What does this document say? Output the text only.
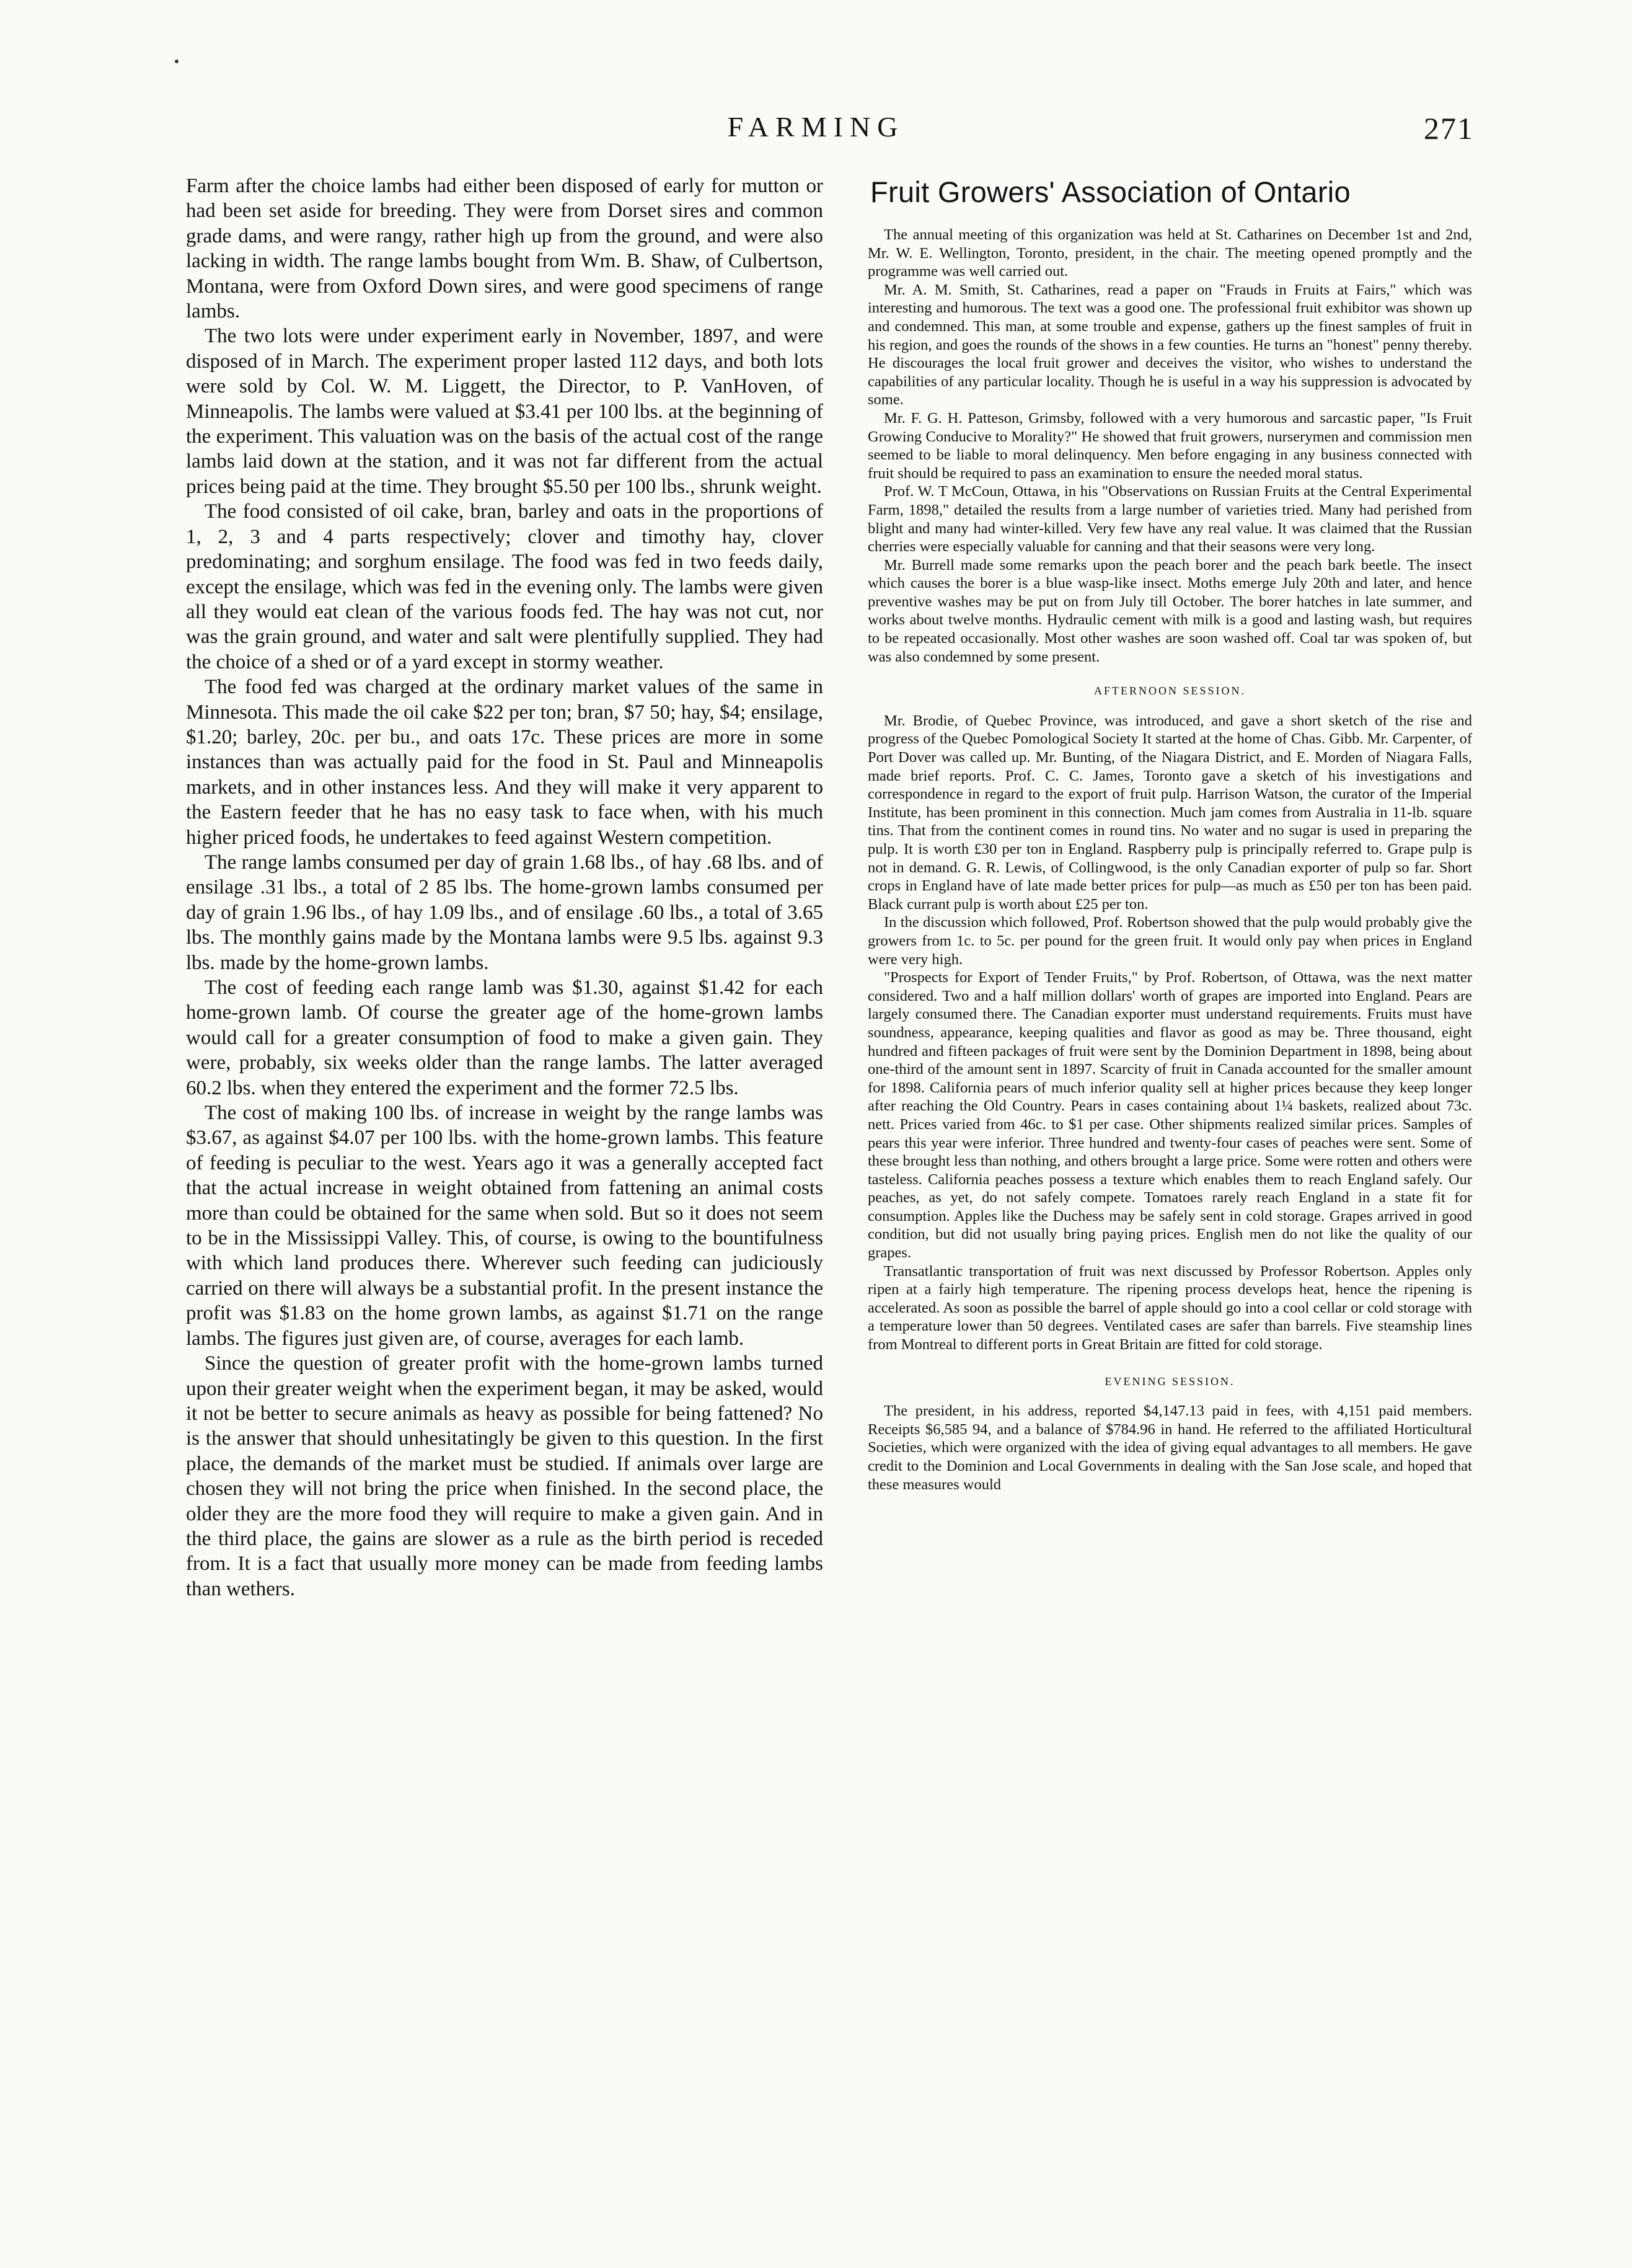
FARMING	271

Farm after the choice lambs had either been disposed of early for mutton or had been set aside for breeding. They were from Dorset sires and common grade dams, and were rangy, rather high up from the ground, and were also lacking in width. The range lambs bought from Wm. B. Shaw, of Culbertson, Montana, were from Oxford Down sires, and were good specimens of range lambs.

The two lots were under experiment early in November, 1897, and were disposed of in March. The experiment proper lasted 112 days, and both lots were sold by Col. W. M. Liggett, the Director, to P. VanHoven, of Minneapolis. The lambs were valued at $3.41 per 100 lbs. at the beginning of the experiment. This valuation was on the basis of the actual cost of the range lambs laid down at the station, and it was not far different from the actual prices being paid at the time. They brought $5.50 per 100 lbs., shrunk weight.

The food consisted of oil cake, bran, barley and oats in the proportions of 1, 2, 3 and 4 parts respectively; clover and timothy hay, clover predominating; and sorghum ensilage. The food was fed in two feeds daily, except the ensilage, which was fed in the evening only. The lambs were given all they would eat clean of the various foods fed. The hay was not cut, nor was the grain ground, and water and salt were plentifully supplied. They had the choice of a shed or of a yard except in stormy weather.

The food fed was charged at the ordinary market values of the same in Minnesota. This made the oil cake $22 per ton; bran, $7 50; hay, $4; ensilage, $1.20; barley, 20c. per bu., and oats 17c. These prices are more in some instances than was actually paid for the food in St. Paul and Minneapolis markets, and in other instances less. And they will make it very apparent to the Eastern feeder that he has no easy task to face when, with his much higher priced foods, he undertakes to feed against Western competition.

The range lambs consumed per day of grain 1.68 lbs., of hay .68 lbs. and of ensilage .31 lbs., a total of 2 85 lbs. The home-grown lambs consumed per day of grain 1.96 lbs., of hay 1.09 lbs., and of ensilage .60 lbs., a total of 3.65 lbs. The monthly gains made by the Montana lambs were 9.5 lbs. against 9.3 lbs. made by the home-grown lambs.

The cost of feeding each range lamb was $1.30, against $1.42 for each home-grown lamb. Of course the greater age of the home-grown lambs would call for a greater consumption of food to make a given gain. They were, probably, six weeks older than the range lambs. The latter averaged 60.2 lbs. when they entered the experiment and the former 72.5 lbs.

The cost of making 100 lbs. of increase in weight by the range lambs was $3.67, as against $4.07 per 100 lbs. with the home-grown lambs. This feature of feeding is peculiar to the west. Years ago it was a generally accepted fact that the actual increase in weight obtained from fattening an animal costs more than could be obtained for the same when sold. But so it does not seem to be in the Mississippi Valley. This, of course, is owing to the bountifulness with which land produces there. Wherever such feeding can judiciously carried on there will always be a substantial profit. In the present instance the profit was $1.83 on the home grown lambs, as against $1.71 on the range lambs. The figures just given are, of course, averages for each lamb.

Since the question of greater profit with the home-grown lambs turned upon their greater weight when the experiment began, it may be asked, would it not be better to secure animals as heavy as possible for being fattened? No is the answer that should unhesitatingly be given to this question. In the first place, the demands of the market must be studied. If animals over large are chosen they will not bring the price when finished. In the second place, the older they are the more food they will require to make a given gain. And in the third place, the gains are slower as a rule as the birth period is receded from. It is a fact that usually more money can be made from feeding lambs than wethers.

Fruit Growers' Association of Ontario

The annual meeting of this organization was held at St. Catharines on December 1st and 2nd, Mr. W. E. Wellington, Toronto, president, in the chair. The meeting opened promptly and the programme was well carried out.

Mr. A. M. Smith, St. Catharines, read a paper on "Frauds in Fruits at Fairs," which was interesting and humorous. The text was a good one. The professional fruit exhibitor was shown up and condemned. This man, at some trouble and expense, gathers up the finest samples of fruit in his region, and goes the rounds of the shows in a few counties. He turns an "honest" penny thereby. He discourages the local fruit grower and deceives the visitor, who wishes to understand the capabilities of any particular locality. Though he is useful in a way his suppression is advocated by some.

Mr. F. G. H. Patteson, Grimsby, followed with a very humorous and sarcastic paper, "Is Fruit Growing Conducive to Morality?" He showed that fruit growers, nurserymen and commission men seemed to be liable to moral delinquency. Men before engaging in any business connected with fruit should be required to pass an examination to ensure the needed moral status.

Prof. W. T McCoun, Ottawa, in his "Observations on Russian Fruits at the Central Experimental Farm, 1898," detailed the results from a large number of varieties tried. Many had perished from blight and many had winter-killed. Very few have any real value. It was claimed that the Russian cherries were especially valuable for canning and that their seasons were very long.

Mr. Burrell made some remarks upon the peach borer and the peach bark beetle. The insect which causes the borer is a blue wasp-like insect. Moths emerge July 20th and later, and hence preventive washes may be put on from July till October. The borer hatches in late summer, and works about twelve months. Hydraulic cement with milk is a good and lasting wash, but requires to be repeated occasionally. Most other washes are soon washed off. Coal tar was spoken of, but was also condemned by some present.

AFTERNOON SESSION.

Mr. Brodie, of Quebec Province, was introduced, and gave a short sketch of the rise and progress of the Quebec Pomological Society It started at the home of Chas. Gibb. Mr. Carpenter, of Port Dover was called up. Mr. Bunting, of the Niagara District, and E. Morden of Niagara Falls, made brief reports. Prof. C. C. James, Toronto gave a sketch of his investigations and correspondence in regard to the export of fruit pulp. Harrison Watson, the curator of the Imperial Institute, has been prominent in this connection. Much jam comes from Australia in 11-lb. square tins. That from the continent comes in round tins. No water and no sugar is used in preparing the pulp. It is worth £30 per ton in England. Raspberry pulp is principally referred to. Grape pulp is not in demand. G. R. Lewis, of Collingwood, is the only Canadian exporter of pulp so far. Short crops in England have of late made better prices for pulp—as much as £50 per ton has been paid. Black currant pulp is worth about £25 per ton.

In the discussion which followed, Prof. Robertson showed that the pulp would probably give the growers from 1c. to 5c. per pound for the green fruit. It would only pay when prices in England were very high.

"Prospects for Export of Tender Fruits," by Prof. Robertson, of Ottawa, was the next matter considered. Two and a half million dollars' worth of grapes are imported into England. Pears are largely consumed there. The Canadian exporter must understand requirements. Fruits must have soundness, appearance, keeping qualities and flavor as good as may be. Three thousand, eight hundred and fifteen packages of fruit were sent by the Dominion Department in 1898, being about one-third of the amount sent in 1897. Scarcity of fruit in Canada accounted for the smaller amount for 1898. California pears of much inferior quality sell at higher prices because they keep longer after reaching the Old Country. Pears in cases containing about 1¼ baskets, realized about 73c. nett. Prices varied from 46c. to $1 per case. Other shipments realized similar prices. Samples of pears this year were inferior. Three hundred and twenty-four cases of peaches were sent. Some of these brought less than nothing, and others brought a large price. Some were rotten and others were tasteless. California peaches possess a texture which enables them to reach England safely. Our peaches, as yet, do not safely compete. Tomatoes rarely reach England in a state fit for consumption. Apples like the Duchess may be safely sent in cold storage. Grapes arrived in good condition, but did not usually bring paying prices. English men do not like the quality of our grapes.

Transatlantic transportation of fruit was next discussed by Professor Robertson. Apples only ripen at a fairly high temperature. The ripening process develops heat, hence the ripening is accelerated. As soon as possible the barrel of apple should go into a cool cellar or cold storage with a temperature lower than 50 degrees. Ventilated cases are safer than barrels. Five steamship lines from Montreal to different ports in Great Britain are fitted for cold storage.

EVENING SESSION.

The president, in his address, reported $4,147.13 paid in fees, with 4,151 paid members. Receipts $6,585 94, and a balance of $784.96 in hand. He referred to the affiliated Horticultural Societies, which were organized with the idea of giving equal advantages to all members. He gave credit to the Dominion and Local Governments in dealing with the San Jose scale, and hoped that these measures would
